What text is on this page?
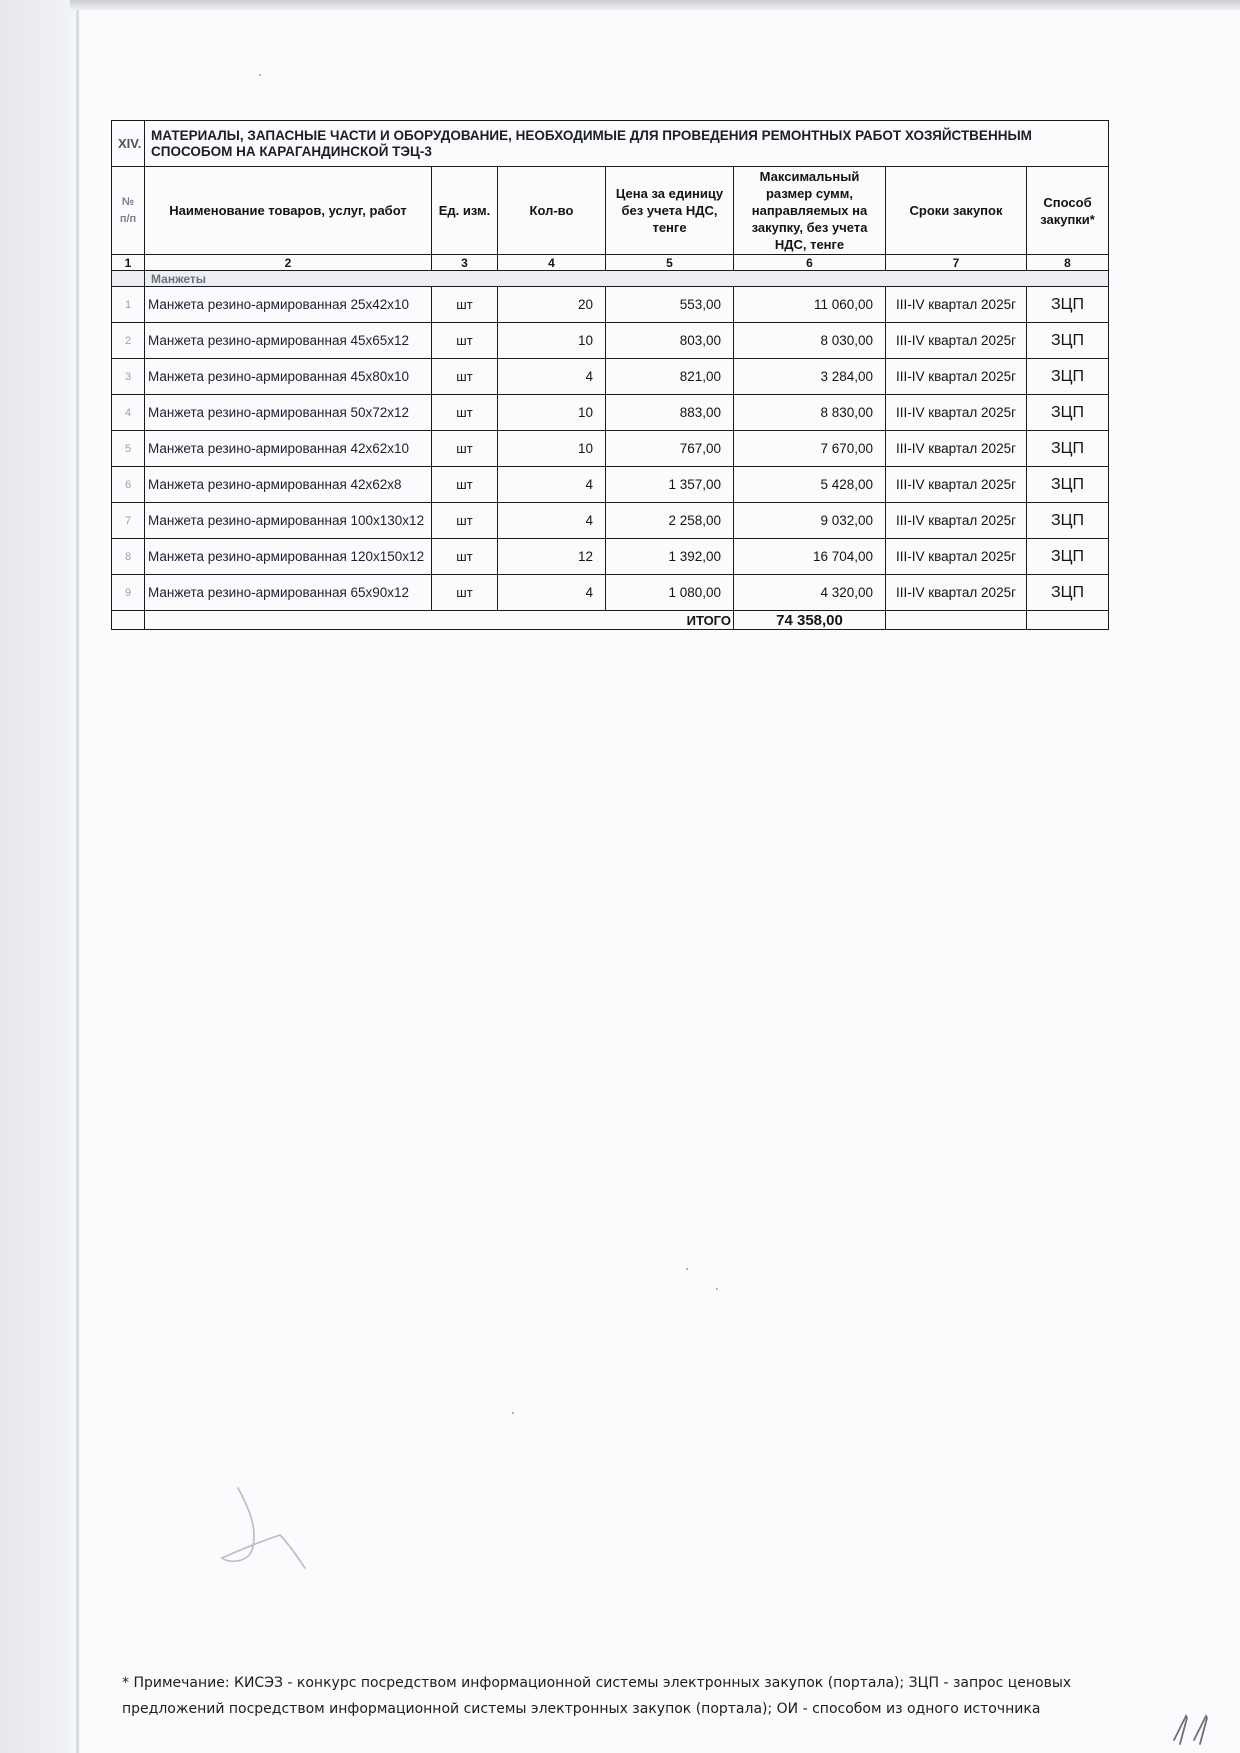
XIV.	МАТЕРИАЛЫ, ЗАПАСНЫЕ ЧАСТИ И ОБОРУДОВАНИЕ, НЕОБХОДИМЫЕ ДЛЯ ПРОВЕДЕНИЯ РЕМОНТНЫХ РАБОТ ХОЗЯЙСТВЕННЫМ СПОСОБОМ НА КАРАГАНДИНСКОЙ ТЭЦ-3						
№ п/п	Наименование товаров, услуг, работ	Ед. изм.	Кол-во	Цена за единицу без учета НДС, тенге	Максимальный размер сумм, направляемых на закупку, без учета НДС, тенге	Сроки закупок	Способ закупки*
1	2	3	4	5	6	7	8
	Манжеты						
1	Манжета резино-армированная 25х42х10	шт	20	553,00	11 060,00	III-IV квартал 2025г	ЗЦП
2	Манжета резино-армированная 45х65х12	шт	10	803,00	8 030,00	III-IV квартал 2025г	ЗЦП
3	Манжета резино-армированная 45х80х10	шт	4	821,00	3 284,00	III-IV квартал 2025г	ЗЦП
4	Манжета резино-армированная 50х72х12	шт	10	883,00	8 830,00	III-IV квартал 2025г	ЗЦП
5	Манжета резино-армированная 42х62х10	шт	10	767,00	7 670,00	III-IV квартал 2025г	ЗЦП
6	Манжета резино-армированная 42х62х8	шт	4	1 357,00	5 428,00	III-IV квартал 2025г	ЗЦП
7	Манжета резино-армированная 100х130х12	шт	4	2 258,00	9 032,00	III-IV квартал 2025г	ЗЦП
8	Манжета резино-армированная 120х150х12	шт	12	1 392,00	16 704,00	III-IV квартал 2025г	ЗЦП
9	Манжета резино-армированная 65х90х12	шт	4	1 080,00	4 320,00	III-IV квартал 2025г	ЗЦП
	ИТОГО				74 358,00		
* Примечание: КИСЭЗ - конкурс посредством информационной системы электронных закупок (портала); ЗЦП - запрос ценовых предложений посредством информационной системы электронных закупок (портала); ОИ - способом из одного источника
